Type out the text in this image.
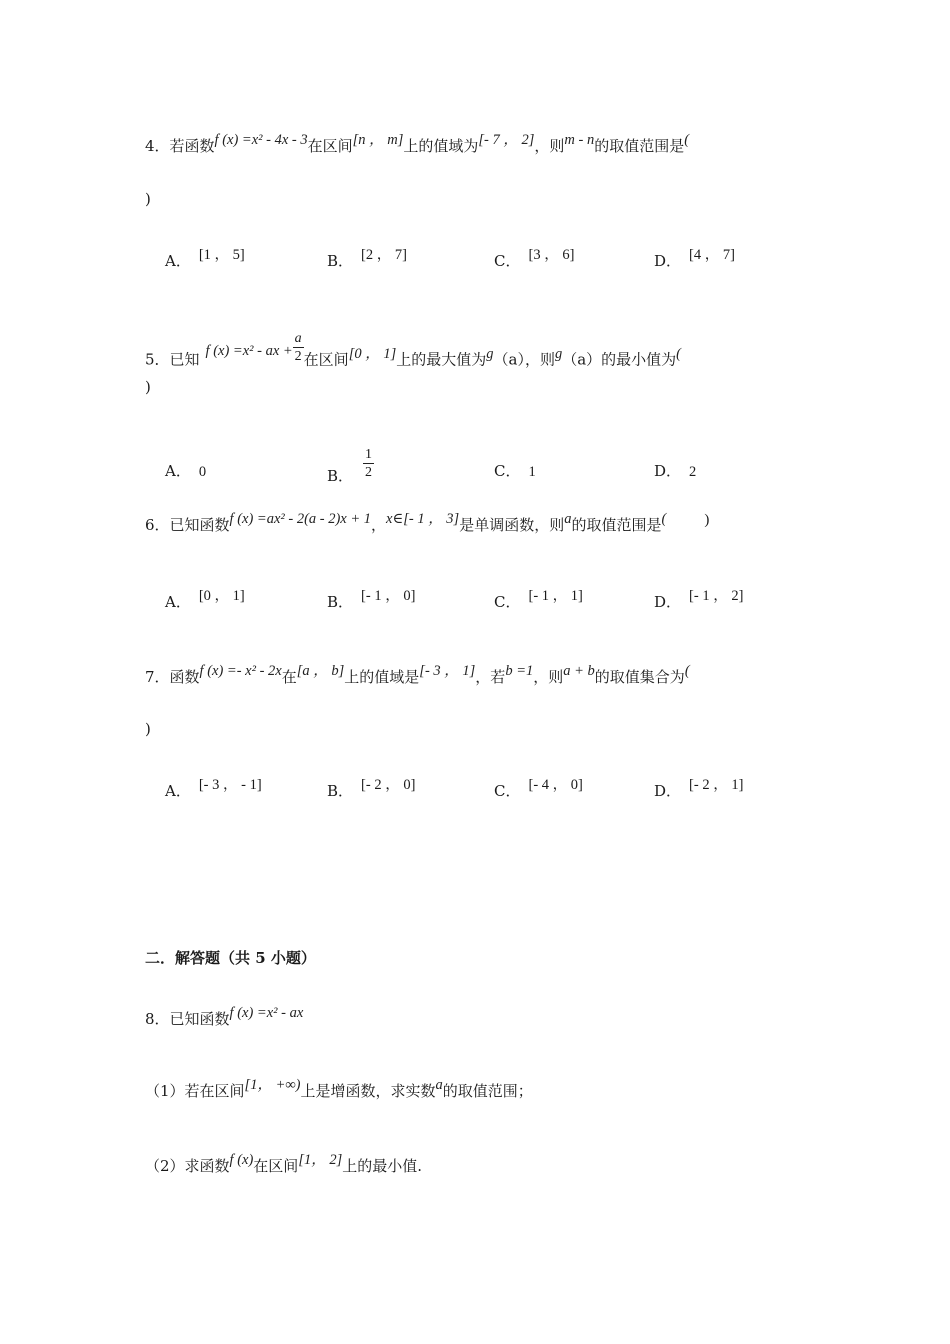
4．若函数f (x) =x² - 4x - 3在区间[n ， m]上的值域为[- 7 ， 2]，则m - n的取值范围是(
)
A． [1 ， 5]	B． [2 ， 7]	C． [3 ， 6]	D． [4 ， 7]
5．已知 f (x) =x² - ax + $\frac{a}{2}$ 在区间[0 ， 1]上的最大值为g（a），则g（a）的最小值为(
)
A． 0	B． $\frac{1}{2}$	C． 1	D． 2
6．已知函数f (x) =ax² - 2(a - 2)x + 1，x∈[- 1 ， 3]是单调函数，则a的取值范围是(	)
A． [0 ， 1]	B． [- 1 ， 0]	C． [- 1 ， 1]	D． [- 1 ， 2]
7．函数f (x) =- x² - 2x在[a ， b]上的值域是[- 3 ， 1]，若b =1，则a + b的取值集合为(
)
A． [- 3 ， - 1]	B． [- 2 ， 0]	C． [- 4 ， 0]	D． [- 2 ， 1]
二．解答题（共 5 小题）
8．已知函数f (x) =x² - ax
（1）若在区间[1， +∞)上是增函数，求实数a的取值范围；
（2）求函数f (x)在区间[1， 2]上的最小值.
